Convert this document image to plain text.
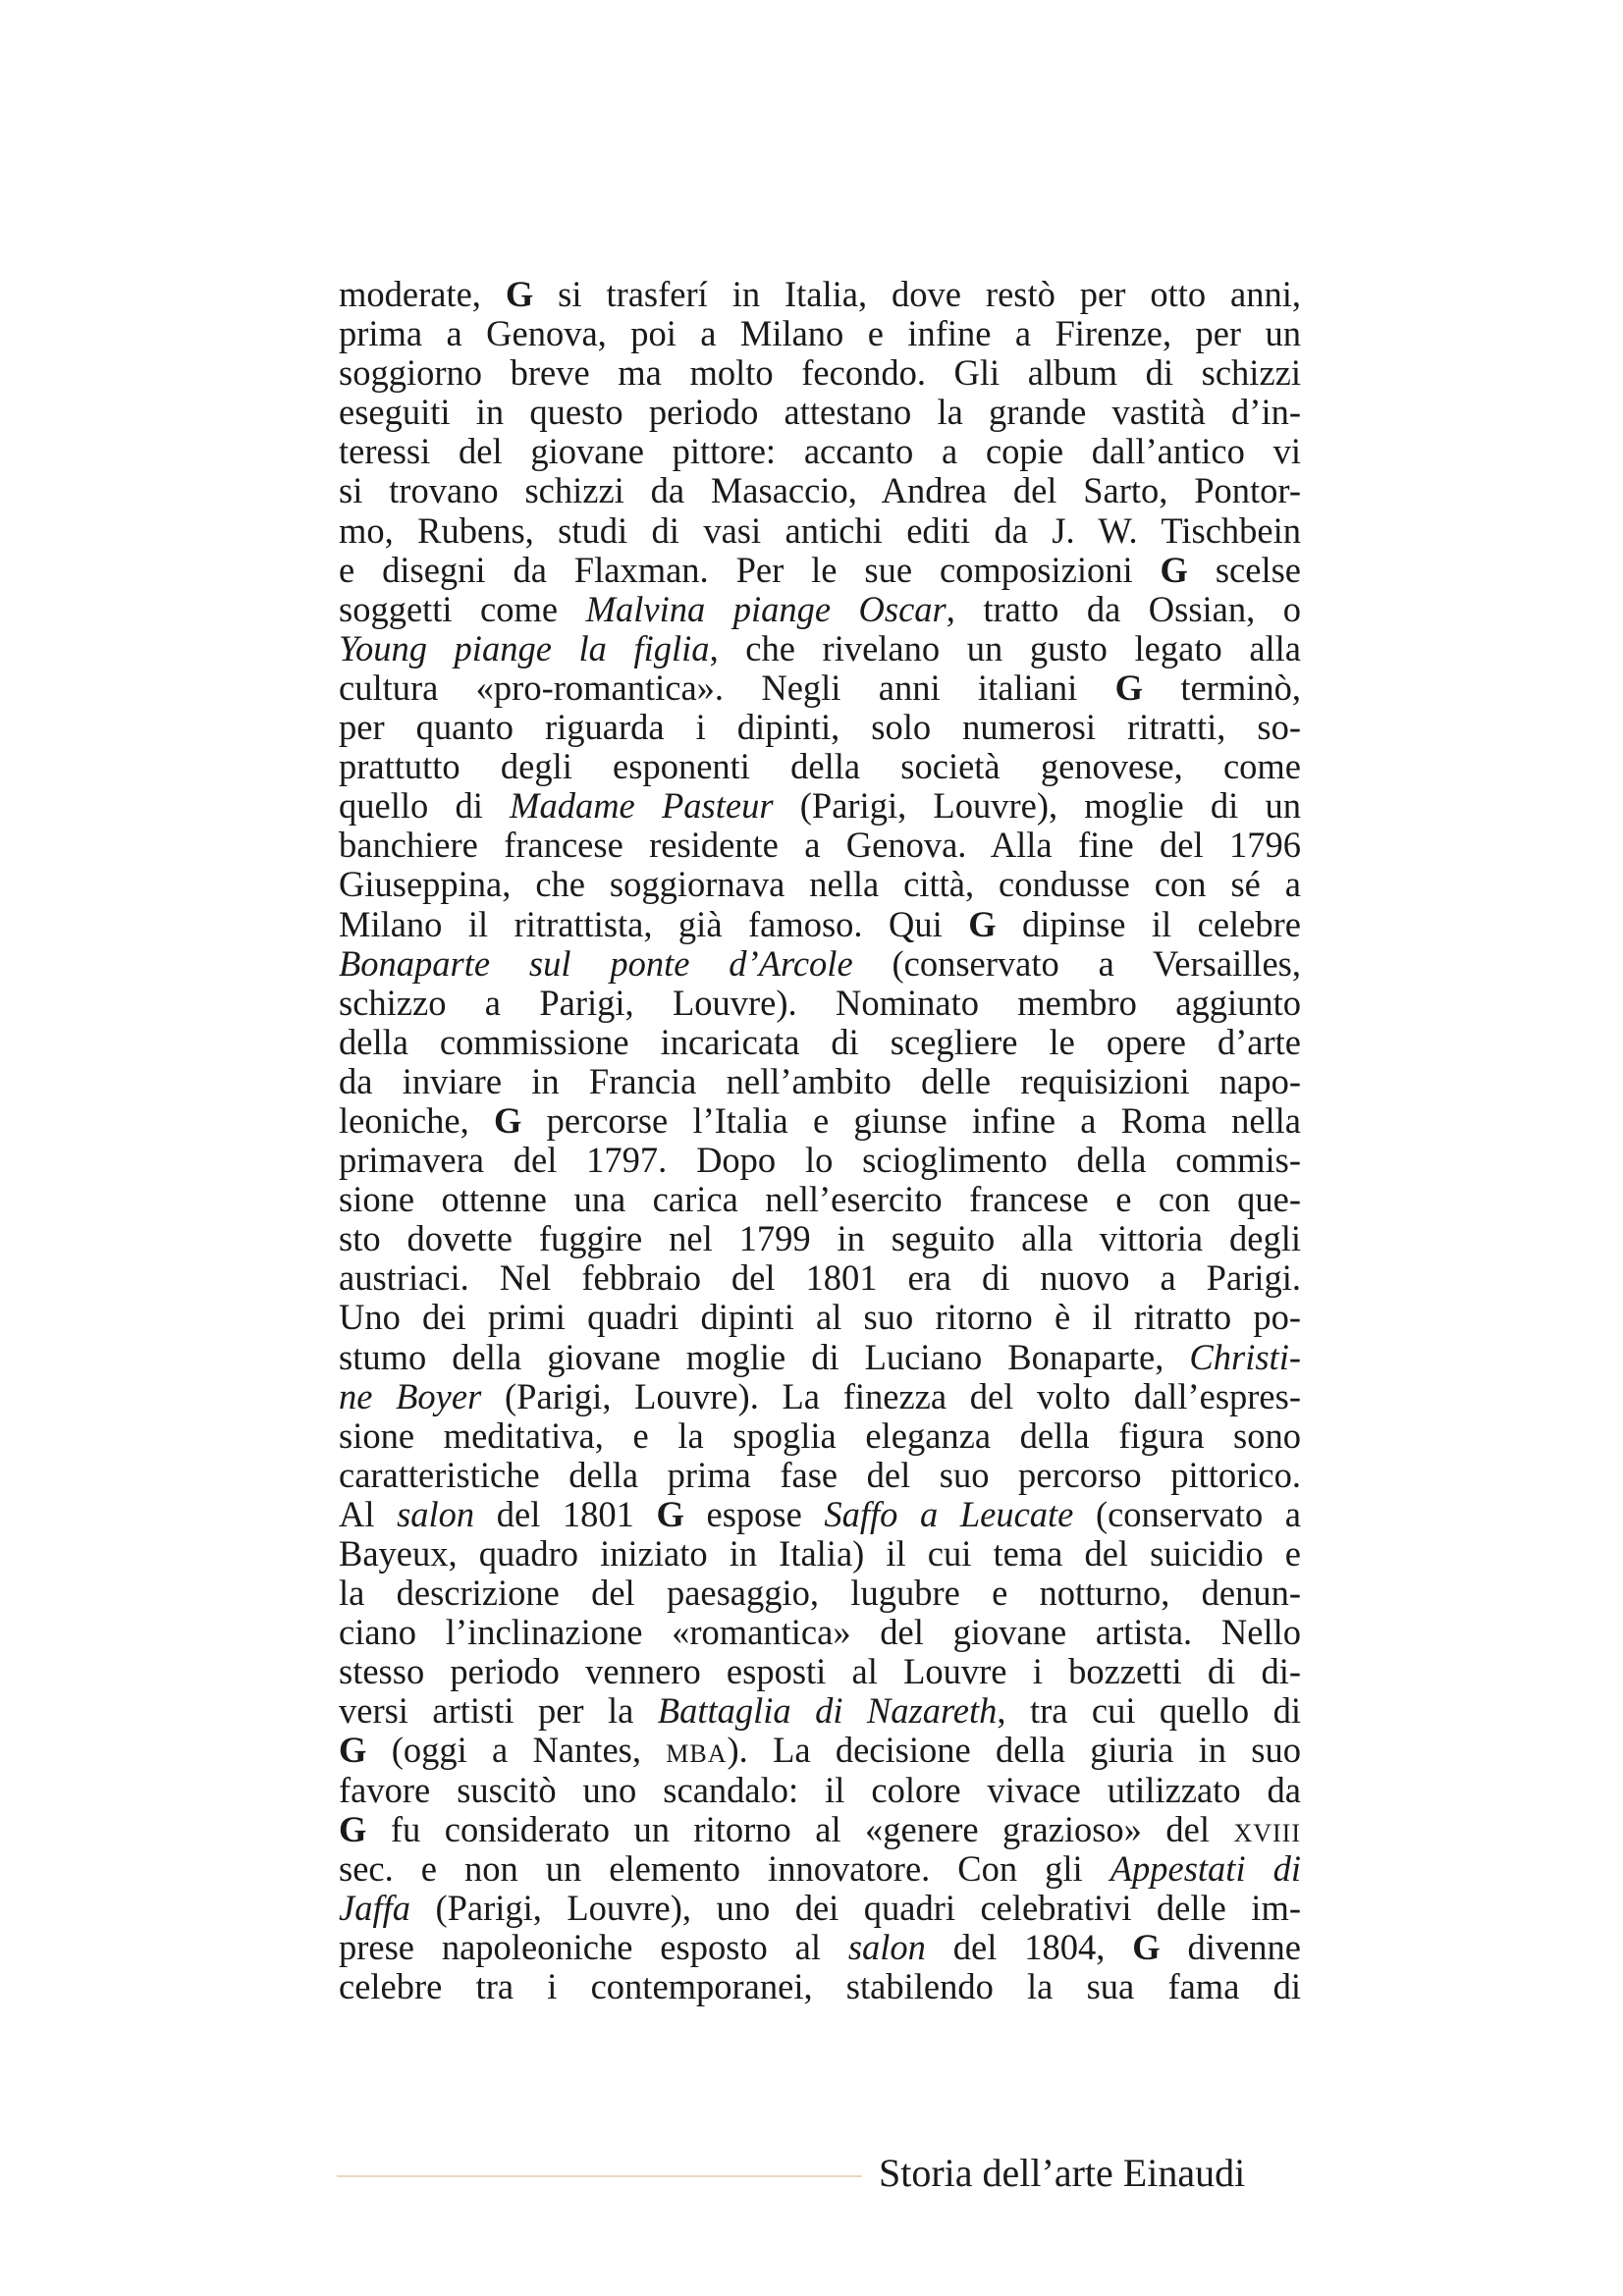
moderate, G si trasferí in Italia, dove restò per otto anni,
prima a Genova, poi a Milano e infine a Firenze, per un
soggiorno breve ma molto fecondo. Gli album di schizzi
eseguiti in questo periodo attestano la grande vastità d’in-
teressi del giovane pittore: accanto a copie dall’antico vi
si trovano schizzi da Masaccio, Andrea del Sarto, Pontor-
mo, Rubens, studi di vasi antichi editi da J. W. Tischbein
e disegni da Flaxman. Per le sue composizioni G scelse
soggetti come Malvina piange Oscar, tratto da Ossian, o
Young piange la figlia, che rivelano un gusto legato alla
cultura «pro-romantica». Negli anni italiani G terminò,
per quanto riguarda i dipinti, solo numerosi ritratti, so-
prattutto degli esponenti della società genovese, come
quello di Madame Pasteur (Parigi, Louvre), moglie di un
banchiere francese residente a Genova. Alla fine del 1796
Giuseppina, che soggiornava nella città, condusse con sé a
Milano il ritrattista, già famoso. Qui G dipinse il celebre
Bonaparte sul ponte d’Arcole (conservato a Versailles,
schizzo a Parigi, Louvre). Nominato membro aggiunto
della commissione incaricata di scegliere le opere d’arte
da inviare in Francia nell’ambito delle requisizioni napo-
leoniche, G percorse l’Italia e giunse infine a Roma nella
primavera del 1797. Dopo lo scioglimento della commis-
sione ottenne una carica nell’esercito francese e con que-
sto dovette fuggire nel 1799 in seguito alla vittoria degli
austriaci. Nel febbraio del 1801 era di nuovo a Parigi.
Uno dei primi quadri dipinti al suo ritorno è il ritratto po-
stumo della giovane moglie di Luciano Bonaparte, Christi-
ne Boyer (Parigi, Louvre). La finezza del volto dall’espres-
sione meditativa, e la spoglia eleganza della figura sono
caratteristiche della prima fase del suo percorso pittorico.
Al salon del 1801 G espose Saffo a Leucate (conservato a
Bayeux, quadro iniziato in Italia) il cui tema del suicidio e
la descrizione del paesaggio, lugubre e notturno, denun-
ciano l’inclinazione «romantica» del giovane artista. Nello
stesso periodo vennero esposti al Louvre i bozzetti di di-
versi artisti per la Battaglia di Nazareth, tra cui quello di
G (oggi a Nantes, mba). La decisione della giuria in suo
favore suscitò uno scandalo: il colore vivace utilizzato da
G fu considerato un ritorno al «genere grazioso» del xviii
sec. e non un elemento innovatore. Con gli Appestati di
Jaffa (Parigi, Louvre), uno dei quadri celebrativi delle im-
prese napoleoniche esposto al salon del 1804, G divenne
celebre tra i contemporanei, stabilendo la sua fama di
Storia dell’arte Einaudi
